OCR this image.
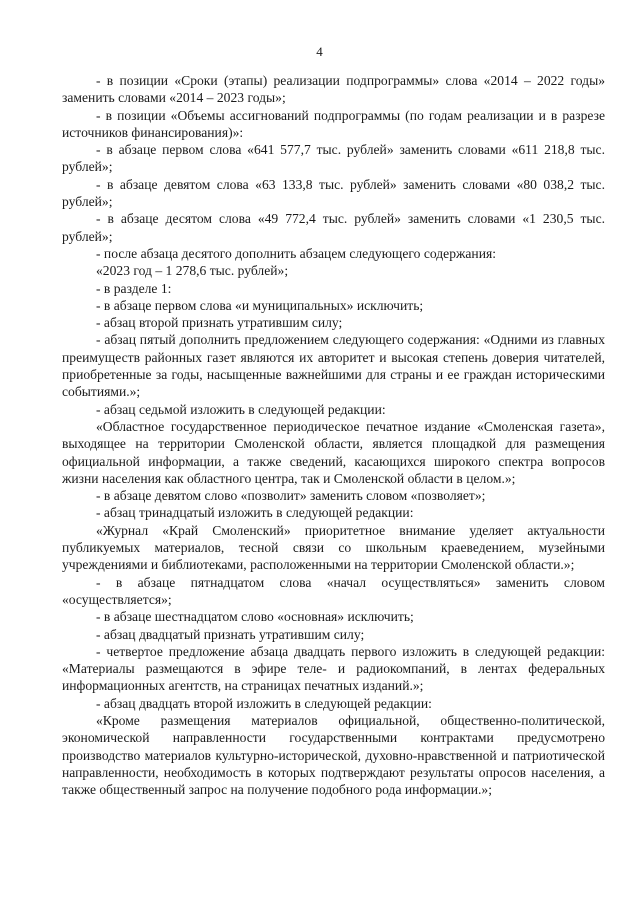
4

- в позиции «Сроки (этапы) реализации подпрограммы» слова «2014 – 2022 годы» заменить словами «2014 – 2023 годы»;

- в позиции «Объемы ассигнований подпрограммы (по годам реализации и в разрезе источников финансирования)»:

- в абзаце первом слова «641 577,7 тыс. рублей» заменить словами «611 218,8 тыс. рублей»;

- в абзаце девятом слова «63 133,8 тыс. рублей» заменить словами «80 038,2 тыс. рублей»;

- в абзаце десятом слова «49 772,4 тыс. рублей» заменить словами «1 230,5 тыс. рублей»;

- после абзаца десятого дополнить абзацем следующего содержания:

«2023 год – 1 278,6 тыс. рублей»;

- в разделе 1:

- в абзаце первом слова «и муниципальных» исключить;

- абзац второй признать утратившим силу;

- абзац пятый дополнить предложением следующего содержания: «Одними из главных преимуществ районных газет являются их авторитет и высокая степень доверия читателей, приобретенные за годы, насыщенные важнейшими для страны и ее граждан историческими событиями.»;

- абзац седьмой изложить в следующей редакции:

«Областное государственное периодическое печатное издание «Смоленская газета», выходящее на территории Смоленской области, является площадкой для размещения официальной информации, а также сведений, касающихся широкого спектра вопросов жизни населения как областного центра, так и Смоленской области в целом.»;

- в абзаце девятом слово «позволит» заменить словом «позволяет»;

- абзац тринадцатый изложить в следующей редакции:

«Журнал «Край Смоленский» приоритетное внимание уделяет актуальности публикуемых материалов, тесной связи со школьным краеведением, музейными учреждениями и библиотеками, расположенными на территории Смоленской области.»;

- в абзаце пятнадцатом слова «начал осуществляться» заменить словом «осуществляется»;

- в абзаце шестнадцатом слово «основная» исключить;

- абзац двадцатый признать утратившим силу;

- четвертое предложение абзаца двадцать первого изложить в следующей редакции: «Материалы размещаются в эфире теле- и радиокомпаний, в лентах федеральных информационных агентств, на страницах печатных изданий.»;

- абзац двадцать второй изложить в следующей редакции:

«Кроме размещения материалов официальной, общественно-политической, экономической направленности государственными контрактами предусмотрено производство материалов культурно-исторической, духовно-нравственной и патриотической направленности, необходимость в которых подтверждают результаты опросов населения, а также общественный запрос на получение подобного рода информации.»;
